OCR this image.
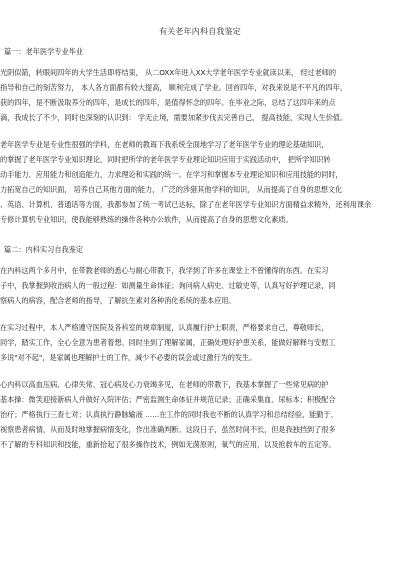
有关老年内科自我鉴定
篇一：老年医学专业毕业
光阴似箭，转眼间四年的大学生活即将结束， 从二OXX年进入XX大学老年医学专业就读以来， 经过老师的
指导和自己的刻苦努力， 本人各方面都有较大提高， 顺利完成了学业。回首四年，对我来说是不平凡的四年，
获的四年，是不断汲取养分的四年，是成长的四年，是值得怀念的四年。在毕业之际，总结了这四年来的点
滴，我成长了不少，同时也深刻的认识到： 学无止境，需要加紧步伐去完善自己， 提高技能，实现人生价值。
老年医学专业是专业性很强的学科，在老师的教诲下我系统全面地学习了老年医学专业的理论基础知识，
的掌握了老年医学专业知识理论，同时把所学的老年医学专业理论知识应用于实践活动中， 把所学知识转
动手能力、应用能力和创造能力，力求理论和实践的统一。在学习和掌握本专业理论知识和应用技能的同时，
力拓宽自己的知识面， 培养自己其他方面的能力， 广泛的涉猎其他学科的知识， 从而提高了自身的思想文化
、英语、计算机、普通话等方面，我都参加了统一考试已达标，除了在老年医学专业知识方面精益求精外，还利用课余
专修计算机专业知识，使我能够熟练的操作各种办公软件，从而提高了自身的思想文化素质。
篇二：内科实习自我鉴定
在内科这两个多月中，在带教老师的悉心与耐心带教下，我学到了许多在课堂上不曾懂得的东西。在实习
子中，我掌握到收治病人的一般过程：如测量生命体征；询问病人病史、过敏史等，认真写好护理记录，同
察病人的病容，配合老师的指导，了解抗生素对各种消化系统的基本应用。
在实习过程中，本人严格遵守医院及各科室的规章制度，认真履行护士职责，严格要求自己，尊敬师长，
同学，踏实工作，全心全意为患者着想。同时坐到了理解家属，正确处理好护患关系，能做好解释与安慰工
多说"对不起"，是家属也理解护士的工作，减少不必要的误会或过激行为的发生。
心内科以高血压病、心律失常、冠心病及心力衰竭多见，在老师的带教下，我基本掌握了一些常见病的护
基本操：微笑迎接新病人并做好入院评估；严密监测生命体征并规范记录；正确采集血、尿标本；积极配合
治疗；严格执行三查七对；认真执行静脉输液 ……在工作的同时我也不断的认真学习和总结经验，能勤于、
视察患者病情，从而及时地掌握病情变化，作出准确判断。这段日子，虽然时间不长，但是我独挡到了很多
不了解的专科知识和技能，重新拾起了很多操作技术，例如无菌原则，氧气的应用，以及抢救车的五定等。
